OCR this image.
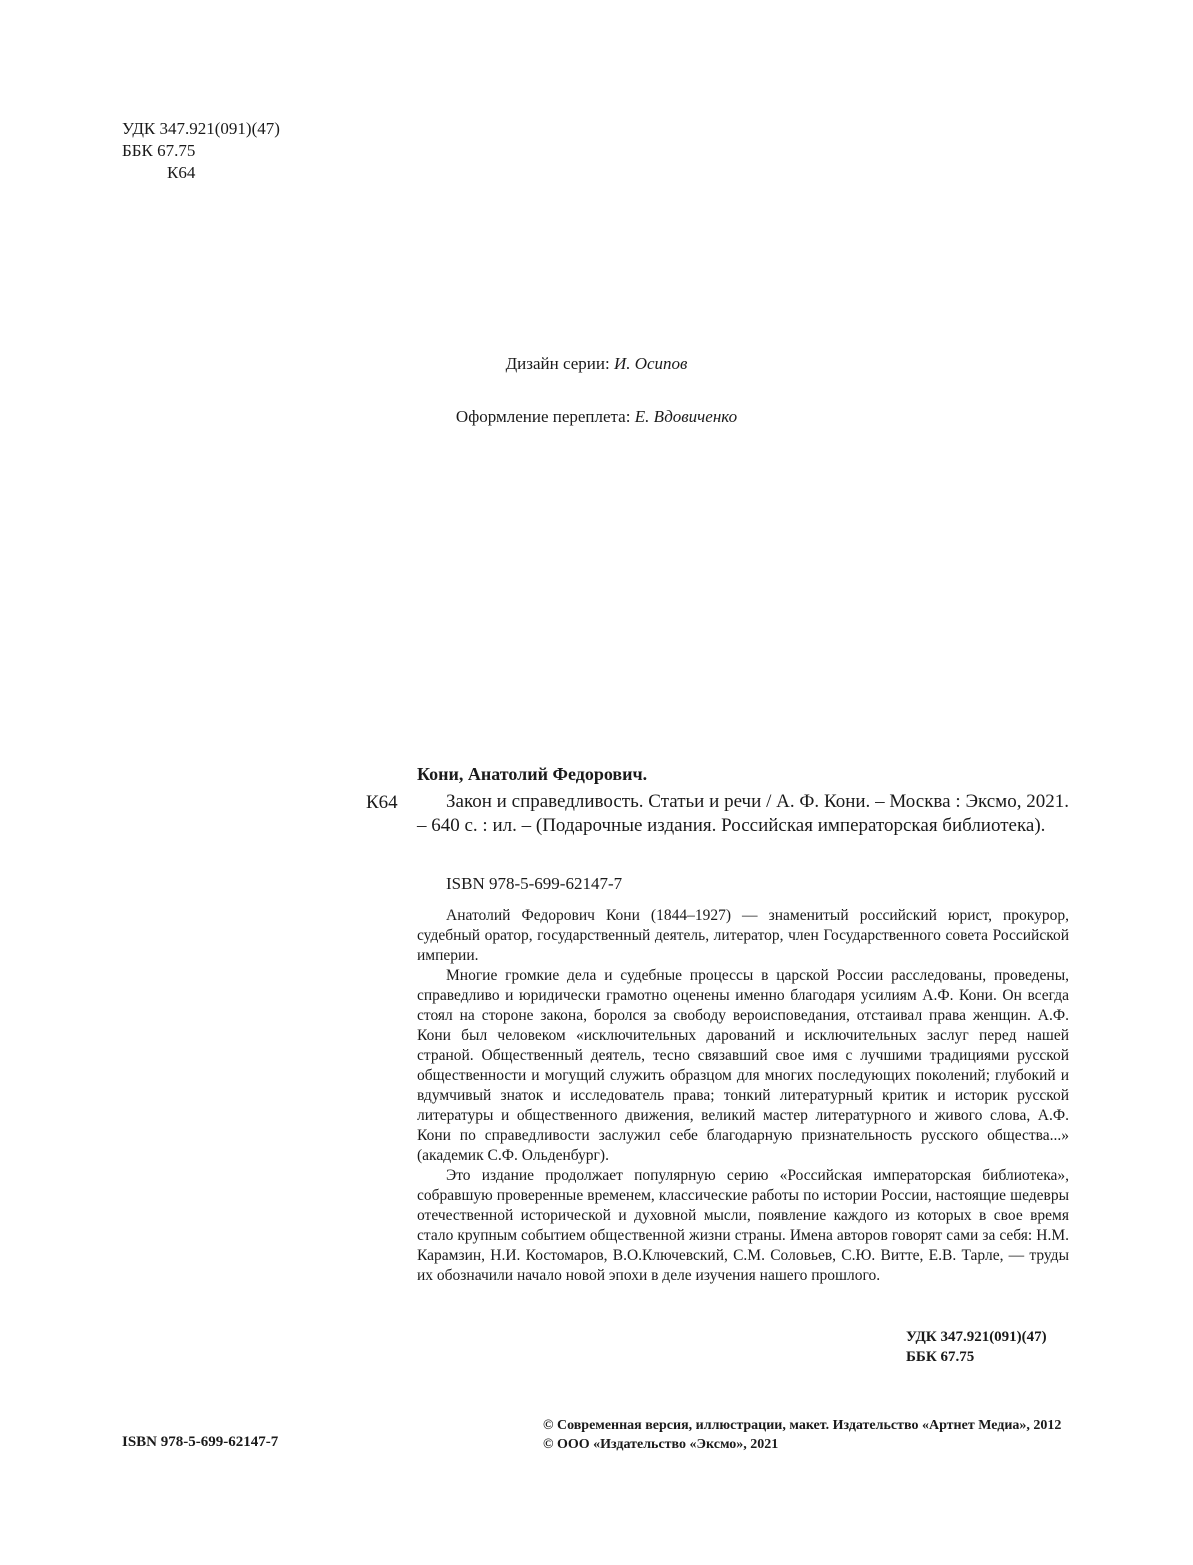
УДК 347.921(091)(47)
ББК 67.75
К64
Дизайн серии: И. Осипов
Оформление переплета: Е. Вдовиченко
Кони, Анатолий Федорович.
К64	Закон и справедливость. Статьи и речи / А. Ф. Кони. – Москва : Эксмо, 2021. – 640 с. : ил. – (Подарочные издания. Российская императорская библиотека).

ISBN 978-5-699-62147-7

Анатолий Федорович Кони (1844–1927) — знаменитый российский юрист, прокурор, судебный оратор, государственный деятель, литератор, член Государственного совета Российской империи.

Многие громкие дела и судебные процессы в царской России расследованы, проведены, справедливо и юридически грамотно оценены именно благодаря усилиям А.Ф. Кони. Он всегда стоял на стороне закона, боролся за свободу вероисповедания, отстаивал права женщин. А.Ф. Кони был человеком «исключительных дарований и исключительных заслуг перед нашей страной. Общественный деятель, тесно связавший свое имя с лучшими традициями русской общественности и могущий служить образцом для многих последующих поколений; глубокий и вдумчивый знаток и исследователь права; тонкий литературный критик и историк русской литературы и общественного движения, великий мастер литературного и живого слова, А.Ф. Кони по справедливости заслужил себе благодарную признательность русского общества...» (академик С.Ф. Ольденбург).

Это издание продолжает популярную серию «Российская императорская библиотека», собравшую проверенные временем, классические работы по истории России, настоящие шедевры отечественной исторической и духовной мысли, появление каждого из которых в свое время стало крупным событием общественной жизни страны. Имена авторов говорят сами за себя: Н.М. Карамзин, Н.И. Костомаров, В.О.Ключевский, С.М. Соловьев, С.Ю. Витте, Е.В. Тарле, — труды их обозначили начало новой эпохи в деле изучения нашего прошлого.

УДК 347.921(091)(47)
ББК 67.75
ISBN 978-5-699-62147-7
© Современная версия, иллюстрации, макет. Издательство «Артнет Медиа», 2012
© ООО «Издательство «Эксмо», 2021
